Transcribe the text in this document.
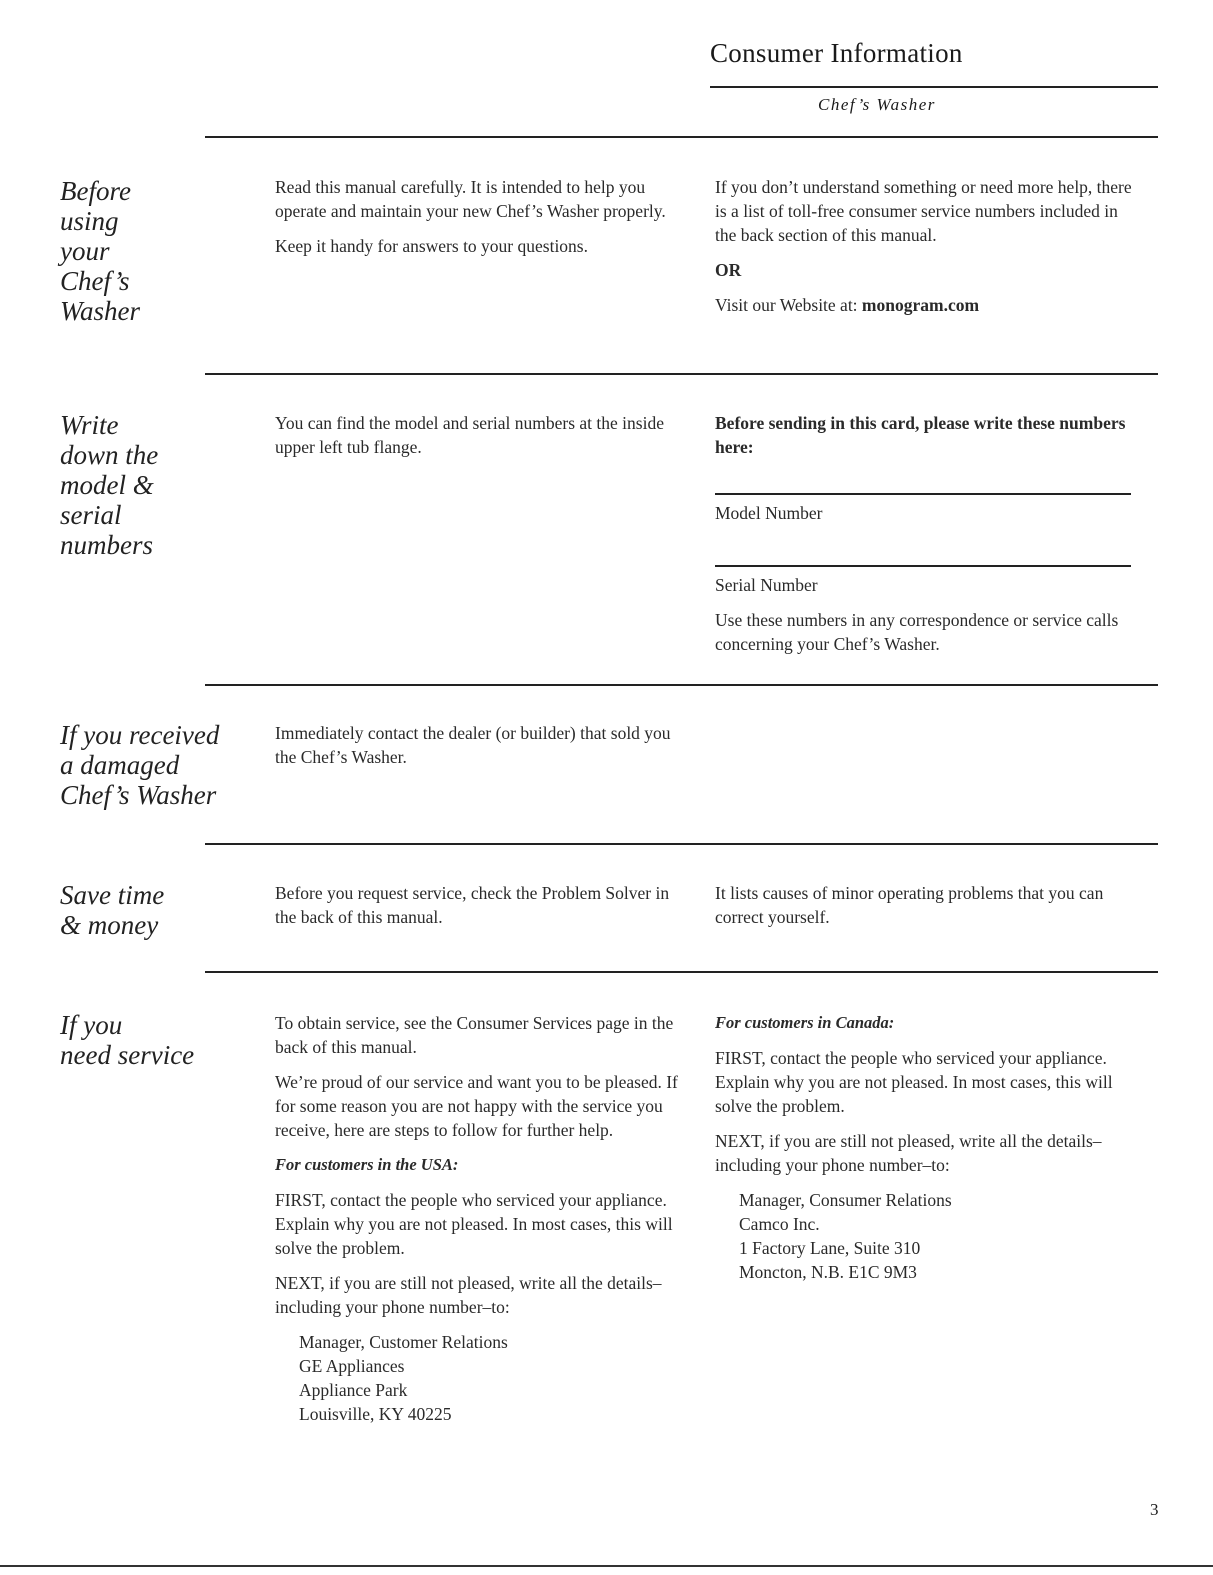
Consumer Information
Chef’s Washer
Before
using
your
Chef’s
Washer

Read this manual carefully. It is intended to help you operate and maintain your new Chef’s Washer properly.

Keep it handy for answers to your questions.

If you don’t understand something or need more help, there is a list of toll-free consumer service numbers included in the back section of this manual.

OR

Visit our Website at: monogram.com

Write
down the
model &
serial
numbers

You can find the model and serial numbers at the inside upper left tub flange.

Before sending in this card, please write these numbers here:

Model Number

Serial Number

Use these numbers in any correspondence or service calls concerning your Chef’s Washer.

If you received
a damaged
Chef’s Washer

Immediately contact the dealer (or builder) that sold you the Chef’s Washer.

Save time
& money

Before you request service, check the Problem Solver in the back of this manual.

It lists causes of minor operating problems that you can correct yourself.

If you
need service

To obtain service, see the Consumer Services page in the back of this manual.

We’re proud of our service and want you to be pleased. If for some reason you are not happy with the service you receive, here are steps to follow for further help.

For customers in the USA:

FIRST, contact the people who serviced your appliance. Explain why you are not pleased. In most cases, this will solve the problem.

NEXT, if you are still not pleased, write all the details–including your phone number–to:

Manager, Customer Relations
GE Appliances
Appliance Park
Louisville, KY 40225

For customers in Canada:

FIRST, contact the people who serviced your appliance. Explain why you are not pleased. In most cases, this will solve the problem.

NEXT, if you are still not pleased, write all the details–including your phone number–to:

Manager, Consumer Relations
Camco Inc.
1 Factory Lane, Suite 310
Moncton, N.B. E1C 9M3
3
